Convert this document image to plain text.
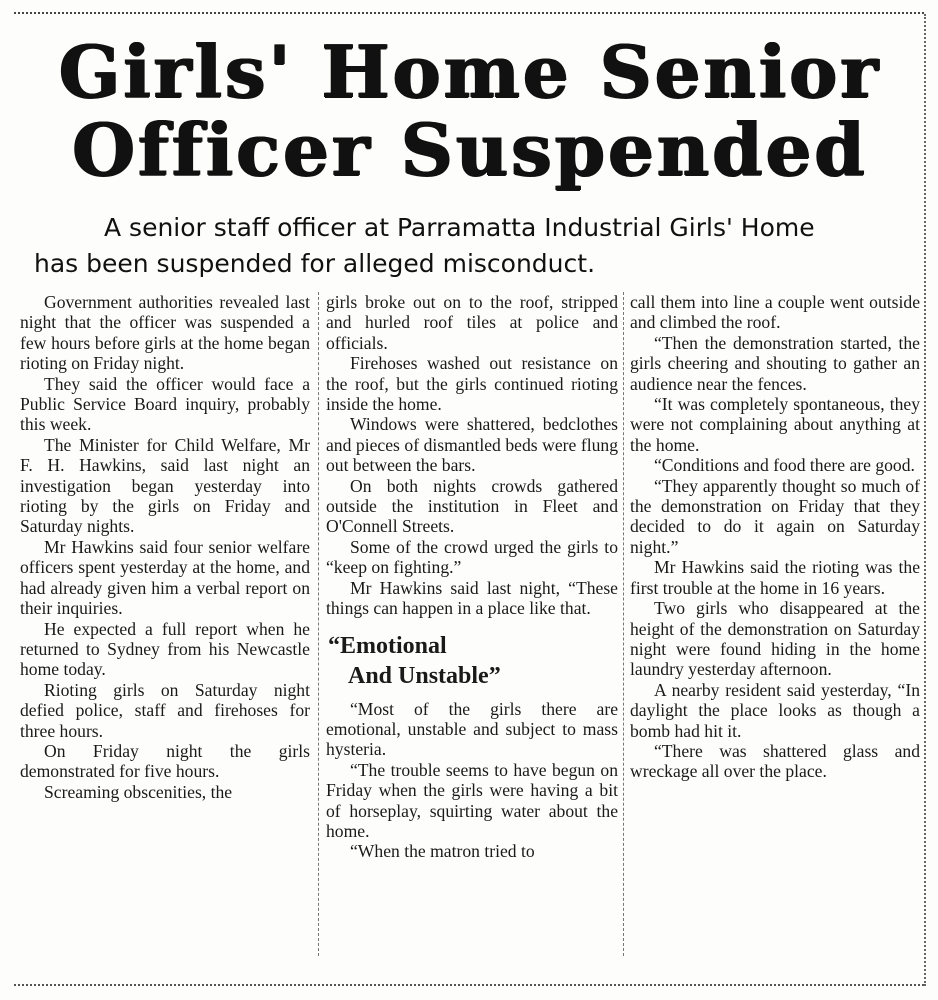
Girls' Home Senior
Officer Suspended
A senior staff officer at Parramatta Industrial Girls' Home
has been suspended for alleged misconduct.

Government authorities revealed last night that the officer was suspended a few hours before girls at the home began rioting on Friday night.

They said the officer would face a Public Service Board inquiry, probably this week.

The Minister for Child Welfare, Mr F. H. Hawkins, said last night an investigation began yesterday into rioting by the girls on Friday and Saturday nights.

Mr Hawkins said four senior welfare officers spent yesterday at the home, and had already given him a verbal report on their inquiries.

He expected a full report when he returned to Sydney from his Newcastle home today.

Rioting girls on Saturday night defied police, staff and firehoses for three hours.

On Friday night the girls demonstrated for five hours.

Screaming obscenities, the

girls broke out on to the roof, stripped and hurled roof tiles at police and officials.

Firehoses washed out resistance on the roof, but the girls continued rioting inside the home.

Windows were shattered, bedclothes and pieces of dismantled beds were flung out between the bars.

On both nights crowds gathered outside the institution in Fleet and O'Connell Streets.

Some of the crowd urged the girls to “keep on fighting.”

Mr Hawkins said last night, “These things can happen in a place like that.

“Emotional
And Unstable”

“Most of the girls there are emotional, unstable and subject to mass hysteria.

“The trouble seems to have begun on Friday when the girls were having a bit of horseplay, squirting water about the home.

“When the matron tried to

call them into line a couple went outside and climbed the roof.

“Then the demonstration started, the girls cheering and shouting to gather an audience near the fences.

“It was completely spontaneous, they were not complaining about anything at the home.

“Conditions and food there are good.

“They apparently thought so much of the demonstration on Friday that they decided to do it again on Saturday night.”

Mr Hawkins said the rioting was the first trouble at the home in 16 years.

Two girls who disappeared at the height of the demonstration on Saturday night were found hiding in the home laundry yesterday afternoon.

A nearby resident said yesterday, “In daylight the place looks as though a bomb had hit it.

“There was shattered glass and wreckage all over the place.
